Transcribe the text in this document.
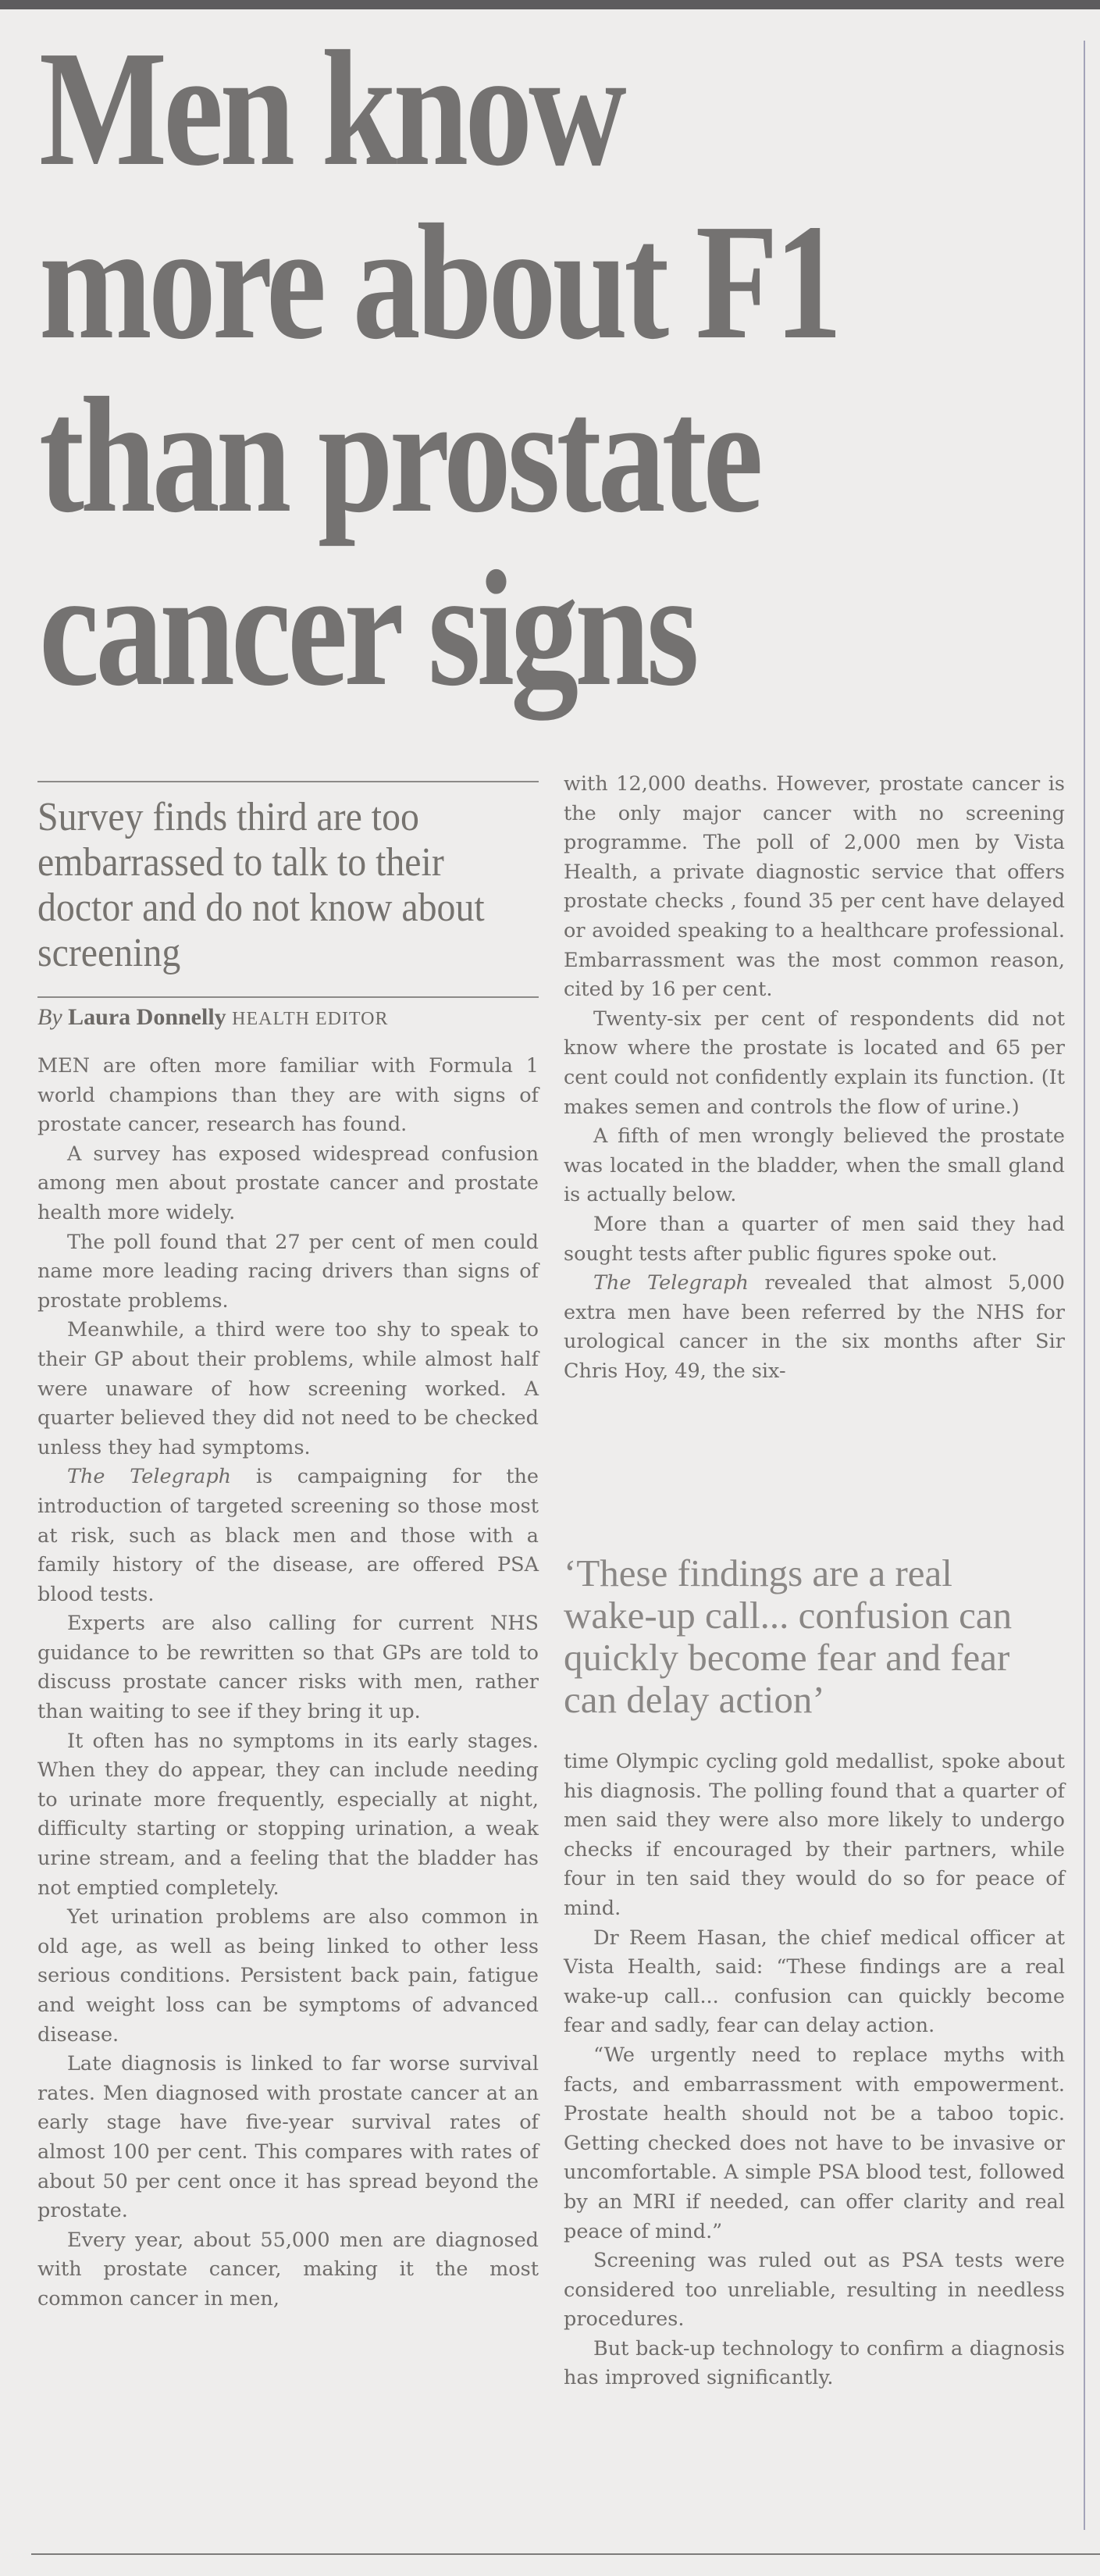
Men know
more about F1
than prostate
cancer signs
Survey finds third are too embarrassed to talk to their doctor and do not know about screening
By Laura Donnelly HEALTH EDITOR

MEN are often more familiar with Formula 1 world champions than they are with signs of prostate cancer, research has found.

A survey has exposed widespread confusion among men about prostate cancer and prostate health more widely.

The poll found that 27 per cent of men could name more leading racing drivers than signs of prostate problems.

Meanwhile, a third were too shy to speak to their GP about their problems, while almost half were unaware of how screening worked. A quarter believed they did not need to be checked unless they had symptoms.

The Telegraph is campaigning for the introduction of targeted screening so those most at risk, such as black men and those with a family history of the disease, are offered PSA blood tests.

Experts are also calling for current NHS guidance to be rewritten so that GPs are told to discuss prostate cancer risks with men, rather than waiting to see if they bring it up.

It often has no symptoms in its early stages. When they do appear, they can include needing to urinate more frequently, especially at night, difficulty starting or stopping urination, a weak urine stream, and a feeling that the bladder has not emptied completely.

Yet urination problems are also common in old age, as well as being linked to other less serious conditions. Persistent back pain, fatigue and weight loss can be symptoms of advanced disease.

Late diagnosis is linked to far worse survival rates. Men diagnosed with prostate cancer at an early stage have five-year survival rates of almost 100 per cent. This compares with rates of about 50 per cent once it has spread beyond the prostate.

Every year, about 55,000 men are diagnosed with prostate cancer, making it the most common cancer in men,

with 12,000 deaths. However, prostate cancer is the only major cancer with no screening programme. The poll of 2,000 men by Vista Health, a private diagnostic service that offers prostate checks , found 35 per cent have delayed or avoided speaking to a healthcare professional. Embarrassment was the most common reason, cited by 16 per cent.

Twenty-six per cent of respondents did not know where the prostate is located and 65 per cent could not confidently explain its function. (It makes semen and controls the flow of urine.)

A fifth of men wrongly believed the prostate was located in the bladder, when the small gland is actually below.

More than a quarter of men said they had sought tests after public figures spoke out.

The Telegraph revealed that almost 5,000 extra men have been referred by the NHS for urological cancer in the six months after Sir Chris Hoy, 49, the six-

‘These findings are a real wake-up call... confusion can quickly become fear and fear can delay action’

time Olympic cycling gold medallist, spoke about his diagnosis. The polling found that a quarter of men said they were also more likely to undergo checks if encouraged by their partners, while four in ten said they would do so for peace of mind.

Dr Reem Hasan, the chief medical officer at Vista Health, said: “These findings are a real wake-up call... confusion can quickly become fear and sadly, fear can delay action.

“We urgently need to replace myths with facts, and embarrassment with empowerment. Prostate health should not be a taboo topic. Getting checked does not have to be invasive or uncomfortable. A simple PSA blood test, followed by an MRI if needed, can offer clarity and real peace of mind.”

Screening was ruled out as PSA tests were considered too unreliable, resulting in needless procedures.

But back-up technology to confirm a diagnosis has improved significantly.
